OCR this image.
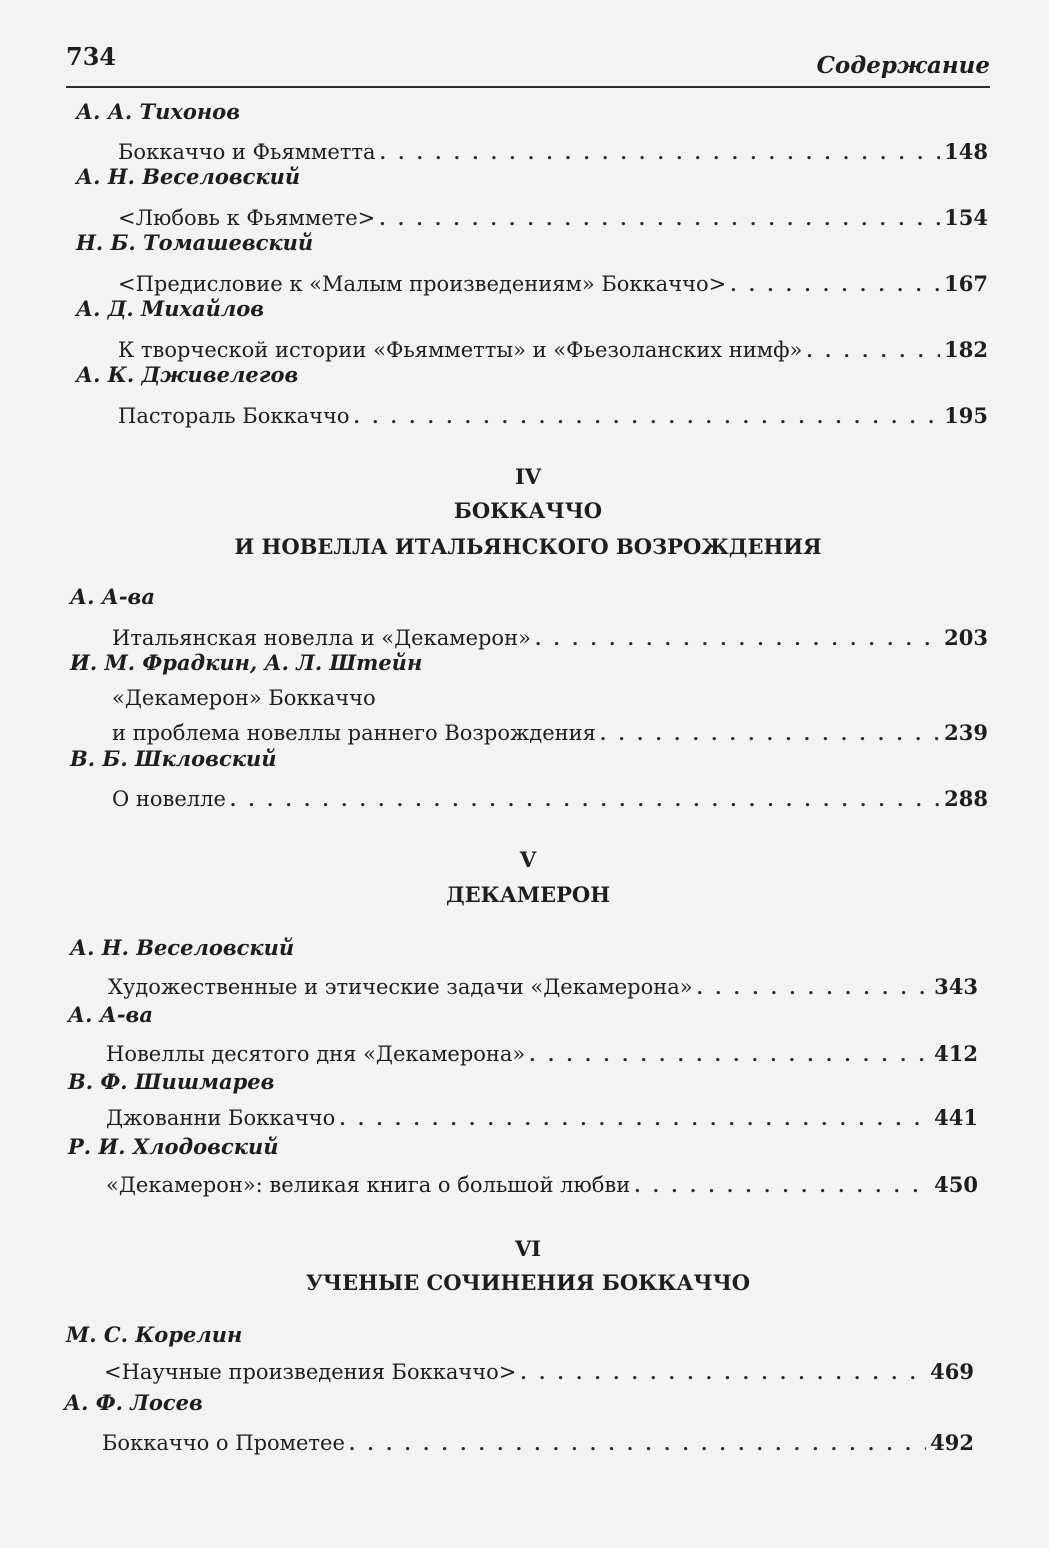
734	Содержание
А. А. Тихонов
Боккаччо и Фьямметта . . .	148
А. Н. Веселовский
<Любовь к Фьяммете> . . .	154
Н. Б. Томашевский
<Предисловие к «Малым произведениям» Боккаччо> . . .	167
А. Д. Михайлов
К творческой истории «Фьямметты» и «Фьезоланских нимф» . . .	182
А. К. Дживелегов
Пастораль Боккаччо . . .	195
IV
БОККАЧЧО
И НОВЕЛЛА ИТАЛЬЯНСКОГО ВОЗРОЖДЕНИЯ
А. А-ва
Итальянская новелла и «Декамерон» . . .	203
И. М. Фрадкин, А. Л. Штейн
«Декамерон» Боккаччо
и проблема новеллы раннего Возрождения . . .	239
В. Б. Шкловский
О новелле . . .	288
V
ДЕКАМЕРОН
А. Н. Веселовский
Художественные и этические задачи «Декамерона» . . .	343
А. А-ва
Новеллы десятого дня «Декамерона» . . .	412
В. Ф. Шишмарев
Джованни Боккаччо . . .	441
Р. И. Хлодовский
«Декамерон»: великая книга о большой любви . . .	450
VI
УЧЕНЫЕ СОЧИНЕНИЯ БОККАЧЧО
М. С. Корелин
<Научные произведения Боккаччо> . . .	469
А. Ф. Лосев
Боккаччо о Прометее . . .	492
